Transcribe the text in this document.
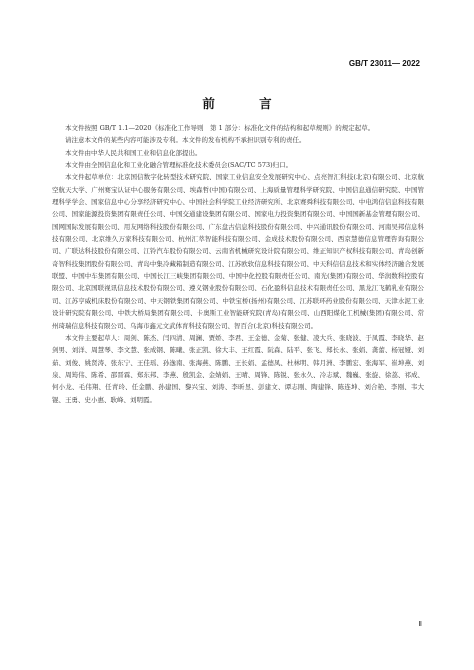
GB/T 23011— 2022
前 言

本文件按照 GB/T 1.1—2020《标准化工作导则　第 1 部分：标准化文件的结构和起草规则》的规定起草。

请注意本文件的某些内容可能涉及专利。本文件的发布机构不承担识别专利的责任。

本文件由中华人民共和国工业和信息化部提出。

本文件由全国信息化和工业化融合管理标准化技术委员会(SAC/TC 573)归口。

本文件起草单位：北京国信数字化转型技术研究院、国家工业信息安全发展研究中心、点亮智汇科技(北京)有限公司、北京航空航天大学、广州赛宝认证中心服务有限公司、埃森哲(中国)有限公司、上海质量管理科学研究院、中国信息通信研究院、中国管理科学学会、国家信息中心分享经济研究中心、中国社会科学院工业经济研究所、北京赛舜科技有限公司、中电鸿信信息科技有限公司、国家能源投资集团有限责任公司、中国交通建设集团有限公司、国家电力投资集团有限公司、中国国新基金管理有限公司、国网国际发展有限公司、用友网络科技股份有限公司、广东盘古信息科技股份有限公司、中兴通讯股份有限公司、河南吴邦信息科技有限公司、北京维久万家科技有限公司、杭州汇萃智能科技有限公司、金成技术股份有限公司、西京慧德信息管理咨询有限公司、广联达科技股份有限公司、江铃汽车股份有限公司、云南省机械研究设计院有限公司、维正知识产权科技有限公司、青岛创新奇智科技集团股份有限公司、青岛中集冷藏箱制造有限公司、江苏欧软信息科技有限公司、中天科信信息技术和实体经济融合发展联盟、中国中车集团有限公司、中国长江三峡集团有限公司、中国中化控股有限责任公司、南光(集团)有限公司、华润数科控股有限公司、北京国联视讯信息技术股份有限公司、遵义钢业股份有限公司、石化盈科信息技术有限责任公司、黑龙江飞鹤乳业有限公司、江苏亨威机床股份有限公司、中天钢铁集团有限公司、中铁宝桥(扬州)有限公司、江苏联环药业股份有限公司、天津水泥工业设计研究院有限公司、中铁大桥局集团有限公司、卡奥斯工业智能研究院(青岛)有限公司、山西阳煤化工机械(集团)有限公司、常州琦瑞信息科技有限公司、乌海市鑫元文武体育科技有限公司、智百合(北京)科技有限公司。

本文件主要起草人：周剑、陈杰、闫四清、周澜、贾娇、李君、王金德、金菊、张健、凌大兵、张晓波、于凤霞、李晓华、赵剑男、刘洋、周慧琴、李文慧、张成钢、陈曦、张正凯、徐大丰、王红霞、阮森、陆平、张飞、郑长永、张娟、龚蕾、杨冠娅、刘茹、刘俊、姚贤涛、张东宁、王佳瑶、孙逸南、张海燕、陈鹏、王长娟、孟德凤、杜林明、韩月洲、李鹏宏、张海军、崔坤燕、刘泉、周筠伟、陈希、邵晋霖、郑东邦、李燕、殷凯金、金婧娟、王晴、周锋、陈锐、张永久、冷志斌、魏巍、张旋、徐荔、祁成、何小龙、毛伟翔、任青玲、任金鹏、孙建国、黎兴宝、刘涛、李昕昱、彭建文、谭志刚、陶建锋、陈连坤、刘合艳、李刚、韦大锟、王勇、史小惠、耿峰、刘明霞。

Ⅱ
